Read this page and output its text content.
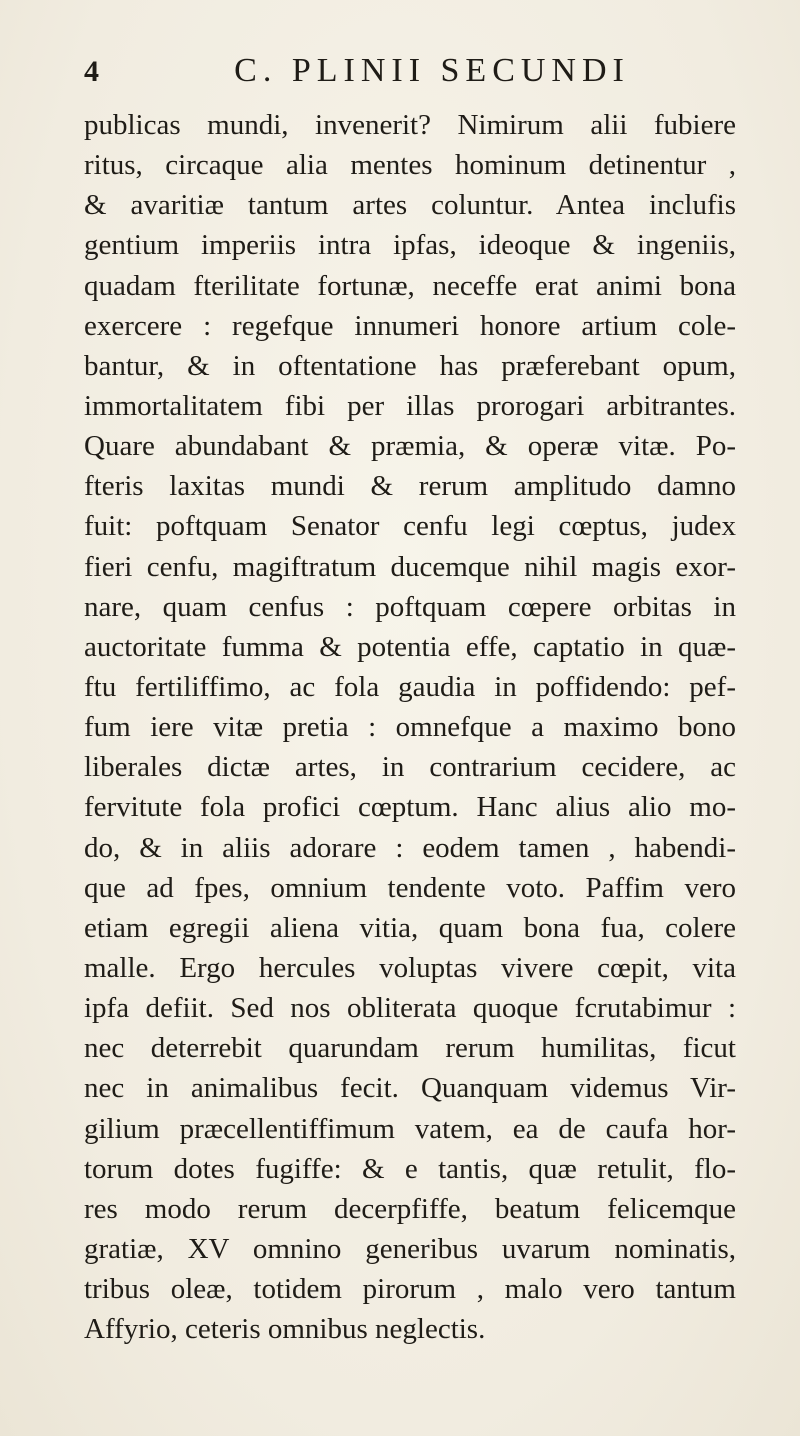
4	C. PLINII SECUNDI
publicas mundi, invenerit? Nimirum alii fubiere
ritus, circaque alia mentes hominum detinentur ,
& avaritiæ tantum artes coluntur. Antea inclufis
gentium imperiis intra ipfas, ideoque & ingeniis,
quadam fterilitate fortunæ, neceffe erat animi bona
exercere : regefque innumeri honore artium cole-
bantur, & in oftentatione has præferebant opum,
immortalitatem fibi per illas prorogari arbitrantes.
Quare abundabant & præmia, & operæ vitæ. Po-
fteris laxitas mundi & rerum amplitudo damno
fuit: poftquam Senator cenfu legi cœptus, judex
fieri cenfu, magiftratum ducemque nihil magis exor-
nare, quam cenfus : poftquam cœpere orbitas in
auctoritate fumma & potentia effe, captatio in quæ-
ftu fertiliffimo, ac fola gaudia in poffidendo: pef-
fum iere vitæ pretia : omnefque a maximo bono
liberales dictæ artes, in contrarium cecidere, ac
fervitute fola profici cœptum. Hanc alius alio mo-
do, & in aliis adorare : eodem tamen , habendi-
que ad fpes, omnium tendente voto. Paffim vero
etiam egregii aliena vitia, quam bona fua, colere
malle. Ergo hercules voluptas vivere cœpit, vita
ipfa defiit. Sed nos obliterata quoque fcrutabimur :
nec deterrebit quarundam rerum humilitas, ficut
nec in animalibus fecit. Quanquam videmus Vir-
gilium præcellentiffimum vatem, ea de caufa hor-
torum dotes fugiffe: & e tantis, quæ retulit, flo-
res modo rerum decerpfiffe, beatum felicemque
gratiæ, XV omnino generibus uvarum nominatis,
tribus oleæ, totidem pirorum , malo vero tantum
Affyrio, ceteris omnibus neglectis.
